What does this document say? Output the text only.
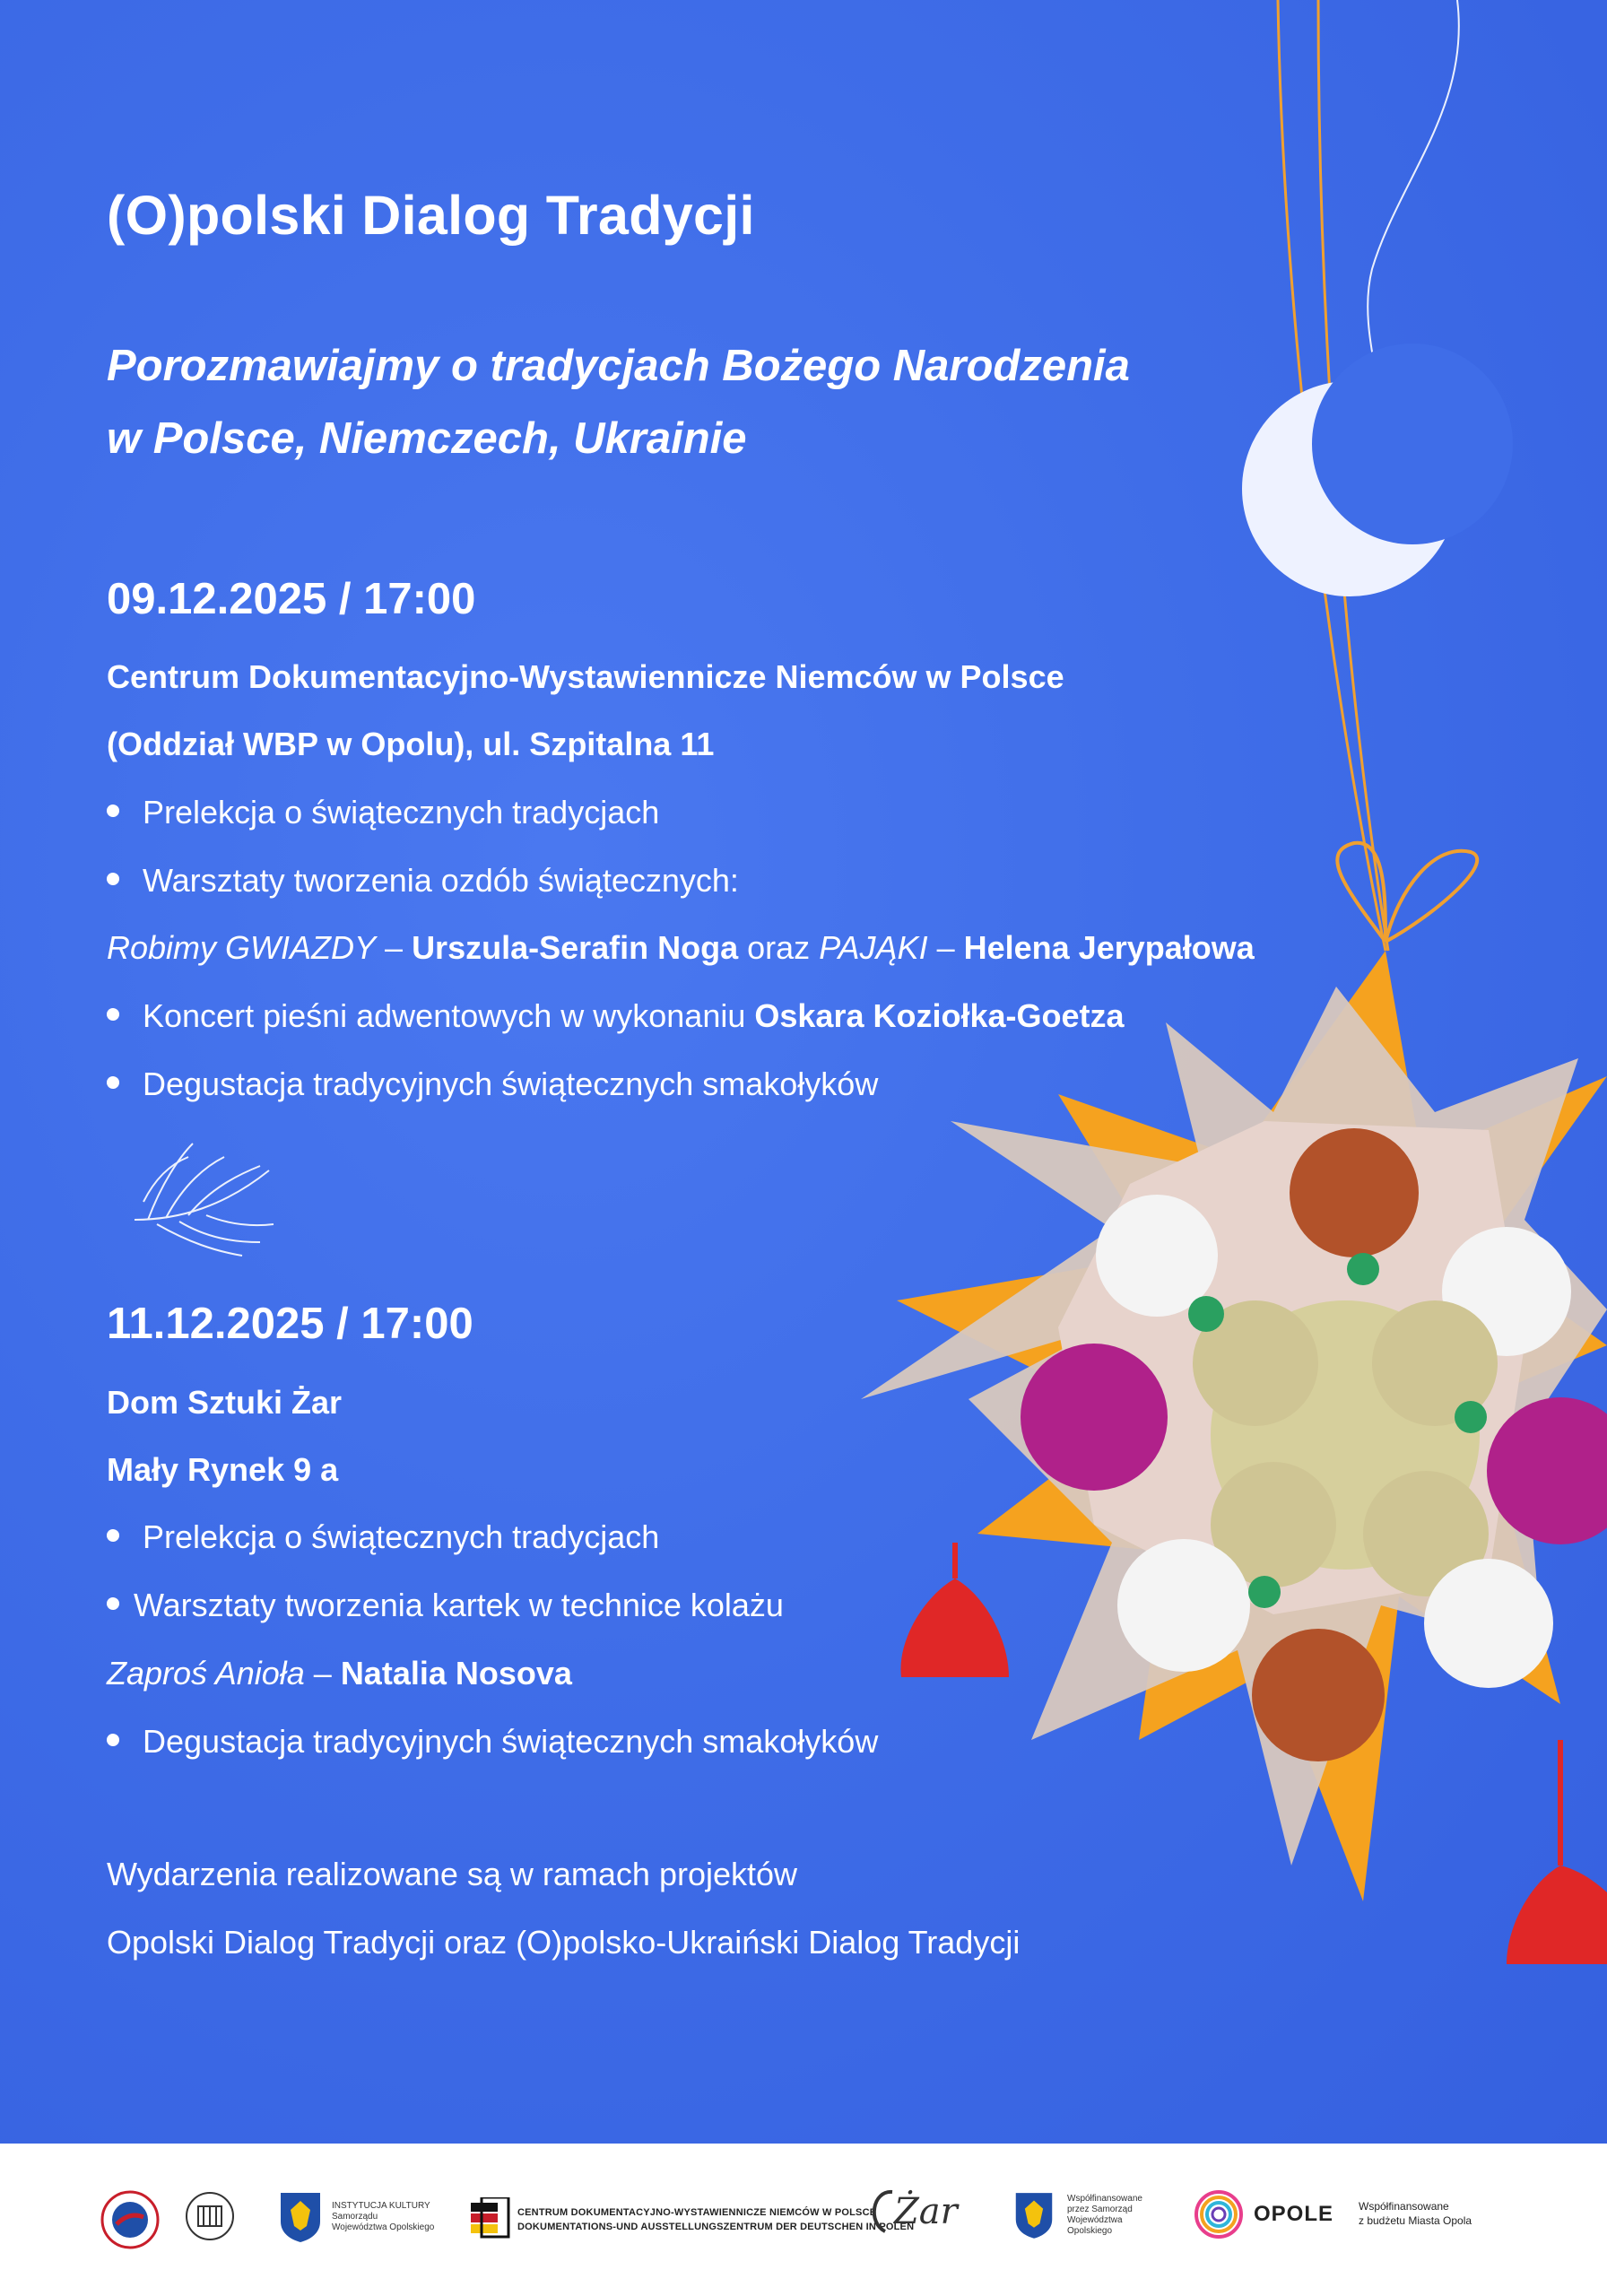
(O)polski Dialog Tradycji
Porozmawiajmy o tradycjach Bożego Narodzenia
w Polsce, Niemczech, Ukrainie
09.12.2025 / 17:00
Centrum Dokumentacyjno-Wystawiennicze Niemców w Polsce
(Oddział WBP w Opolu), ul. Szpitalna 11
Prelekcja o świątecznych tradycjach
Warsztaty tworzenia ozdób świątecznych:
Robimy GWIAZDY – Urszula-Serafin Noga oraz PAJĄKI – Helena Jerypałowa
Koncert pieśni adwentowych w wykonaniu Oskara Koziołka-Goetza
Degustacja tradycyjnych świątecznych smakołyków
11.12.2025 / 17:00
Dom Sztuki Żar
Mały Rynek 9 a
Prelekcja o świątecznych tradycjach
Warsztaty tworzenia kartek w technice kolażu
Zaproś Anioła – Natalia Nosova
Degustacja tradycyjnych świątecznych smakołyków
Wydarzenia realizowane są w ramach projektów
Opolski Dialog Tradycji oraz (O)polsko-Ukraiński Dialog Tradycji
INSTYTUCJA KULTURY
Samorządu
Województwa Opolskiego
CENTRUM DOKUMENTACYJNO-WYSTAWIENNICZE NIEMCÓW W POLSCE
DOKUMENTATIONS-UND AUSSTELLUNGSZENTRUM DER DEUTSCHEN IN POLEN
Żar	Współfinansowane
przez Samorząd
Województwa
Opolskiego
OPOLE Współfinansowane
z budżetu Miasta Opola
